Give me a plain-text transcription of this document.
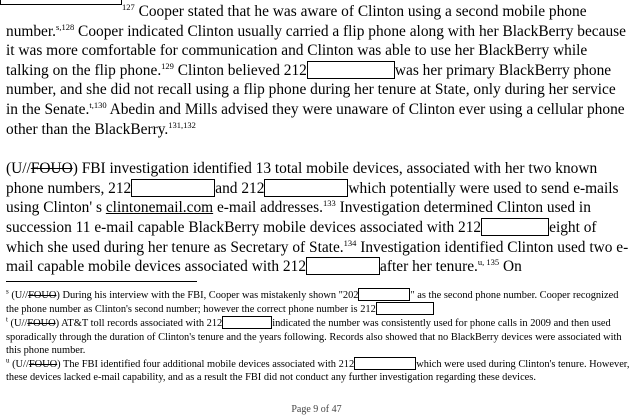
$^{127}$ Cooper stated that he was aware of Clinton using a second mobile phone number.$^{s,128}$ Cooper indicated Clinton usually carried a flip phone along with her BlackBerry because it was more comfortable for communication and Clinton was able to use her BlackBerry while talking on the flip phone.$^{129}$ Clinton believed 212	was her primary BlackBerry phone number, and she did not recall using a flip phone during her tenure at State, only during her service in the Senate.$^{t,130}$ Abedin and Mills advised they were unaware of Clinton ever using a cellular phone other than the BlackBerry.$^{131,132}$

(U//FOUO) FBI investigation identified 13 total mobile devices, associated with her two known phone numbers, 212	and 212	which potentially were used to send e-mails using Clinton' s clintonemail.com e-mail addresses.$^{133}$ Investigation determined Clinton used in succession 11 e-mail capable BlackBerry mobile devices associated with 212	eight of which she used during her tenure as Secretary of State.$^{134}$ Investigation identified Clinton used two e-mail capable mobile devices associated with 212	after her tenure.$^{u, 135}$ On

$^s$ (U//FOUO) During his interview with the FBI, Cooper was mistakenly shown "202	" as the second phone number. Cooper recognized the phone number as Clinton's second number; however the correct phone number is 212

$^t$ (U//FOUO) AT&T toll records associated with 212	indicated the number was consistently used for phone calls in 2009 and then used sporadically through the duration of Clinton's tenure and the years following. Records also showed that no BlackBerry devices were associated with this phone number.

$^u$ (U//FOUO) The FBI identified four additional mobile devices associated with 212	which were used during Clinton's tenure. However, these devices lacked e-mail capability, and as a result the FBI did not conduct any further investigation regarding these devices.

Page 9 of 47
